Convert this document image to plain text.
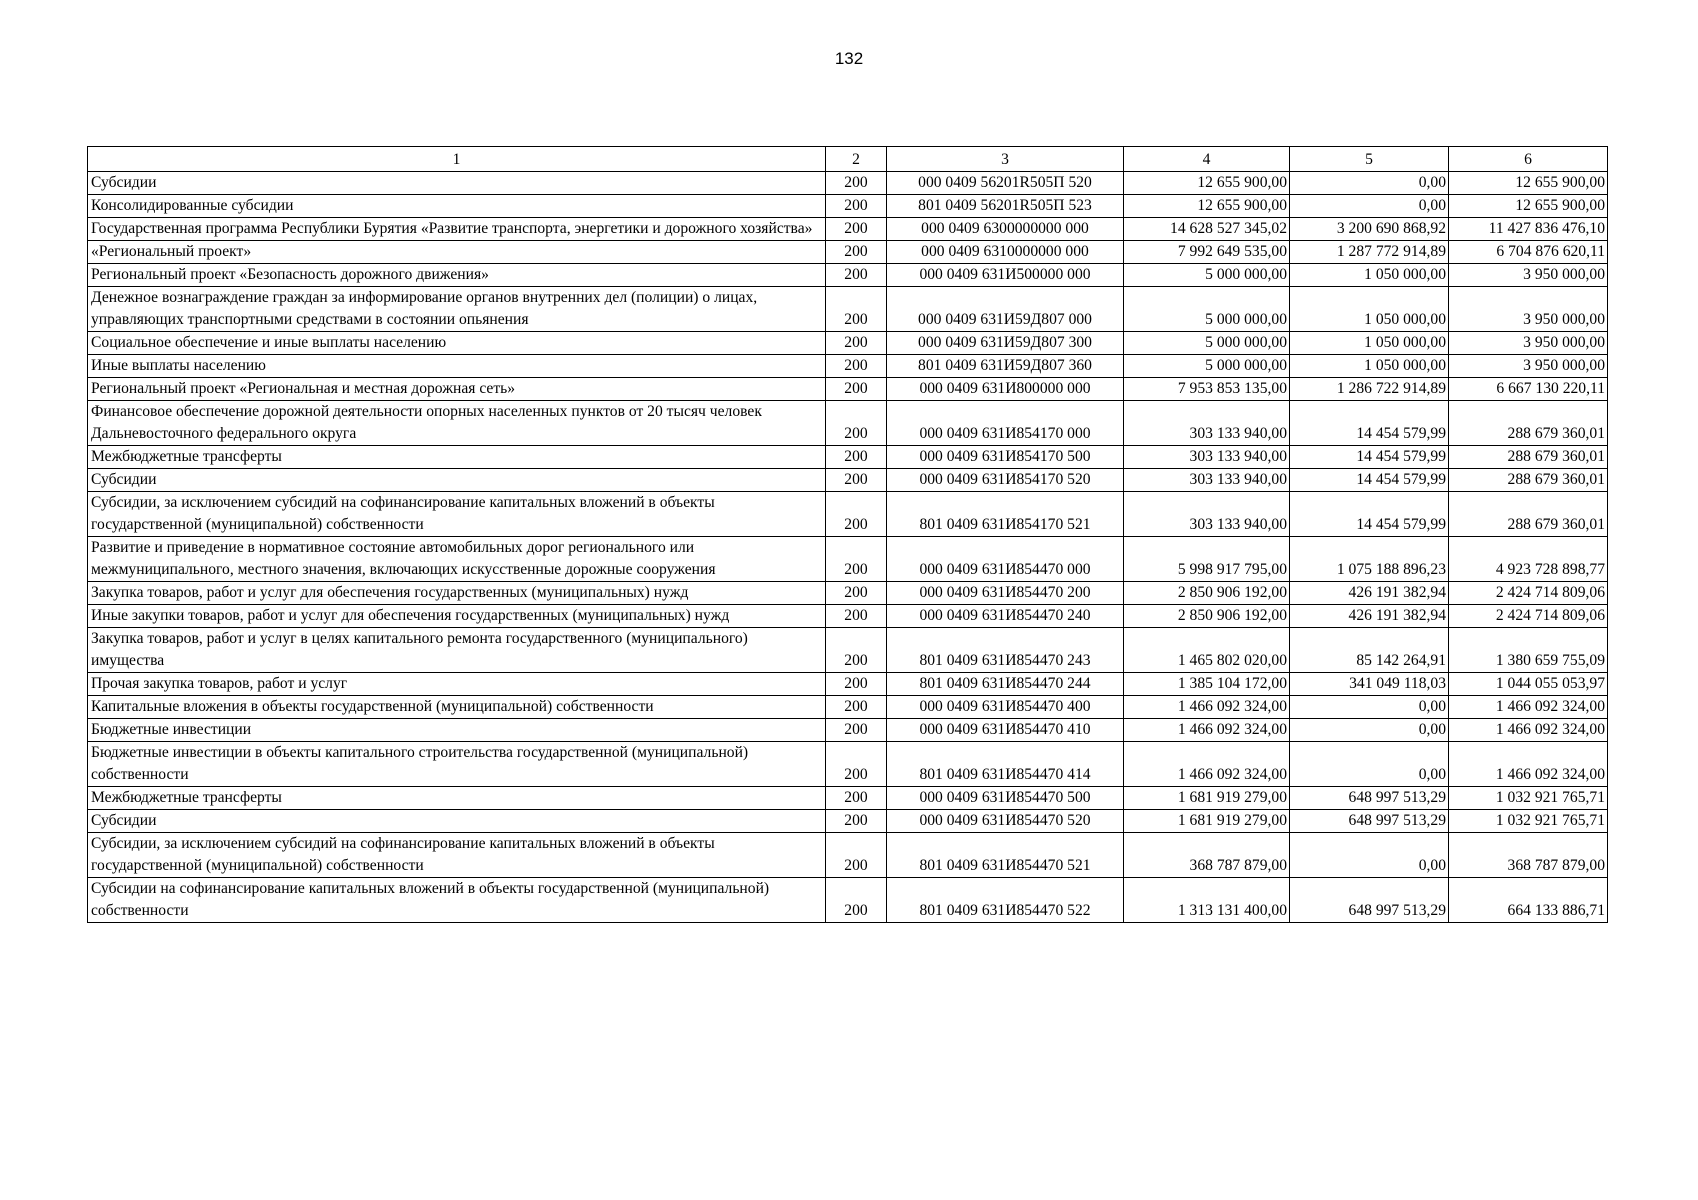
132
1	2	3	4	5	6
Субсидии	200	000 0409 56201R505П 520	12 655 900,00	0,00	12 655 900,00
Консолидированные субсидии	200	801 0409 56201R505П 523	12 655 900,00	0,00	12 655 900,00
Государственная программа Республики Бурятия «Развитие транспорта, энергетики и дорожного хозяйства»	200	000 0409 6300000000 000	14 628 527 345,02	3 200 690 868,92	11 427 836 476,10
«Региональный проект»	200	000 0409 6310000000 000	7 992 649 535,00	1 287 772 914,89	6 704 876 620,11
Региональный проект «Безопасность дорожного движения»	200	000 0409 631И500000 000	5 000 000,00	1 050 000,00	3 950 000,00
Денежное вознаграждение граждан за информирование органов внутренних дел (полиции) о лицах, управляющих транспортными средствами в состоянии опьянения	200	000 0409 631И59Д807 000	5 000 000,00	1 050 000,00	3 950 000,00
Социальное обеспечение и иные выплаты населению	200	000 0409 631И59Д807 300	5 000 000,00	1 050 000,00	3 950 000,00
Иные выплаты населению	200	801 0409 631И59Д807 360	5 000 000,00	1 050 000,00	3 950 000,00
Региональный проект «Региональная и местная дорожная сеть»	200	000 0409 631И800000 000	7 953 853 135,00	1 286 722 914,89	6 667 130 220,11
Финансовое обеспечение дорожной деятельности опорных населенных пунктов от 20 тысяч человек Дальневосточного федерального округа	200	000 0409 631И854170 000	303 133 940,00	14 454 579,99	288 679 360,01
Межбюджетные трансферты	200	000 0409 631И854170 500	303 133 940,00	14 454 579,99	288 679 360,01
Субсидии	200	000 0409 631И854170 520	303 133 940,00	14 454 579,99	288 679 360,01
Субсидии, за исключением субсидий на софинансирование капитальных вложений в объекты государственной (муниципальной) собственности	200	801 0409 631И854170 521	303 133 940,00	14 454 579,99	288 679 360,01
Развитие и приведение в нормативное состояние автомобильных дорог регионального или межмуниципального, местного значения, включающих искусственные дорожные сооружения	200	000 0409 631И854470 000	5 998 917 795,00	1 075 188 896,23	4 923 728 898,77
Закупка товаров, работ и услуг для обеспечения государственных (муниципальных) нужд	200	000 0409 631И854470 200	2 850 906 192,00	426 191 382,94	2 424 714 809,06
Иные закупки товаров, работ и услуг для обеспечения государственных (муниципальных) нужд	200	000 0409 631И854470 240	2 850 906 192,00	426 191 382,94	2 424 714 809,06
Закупка товаров, работ и услуг в целях капитального ремонта государственного (муниципального) имущества	200	801 0409 631И854470 243	1 465 802 020,00	85 142 264,91	1 380 659 755,09
Прочая закупка товаров, работ и услуг	200	801 0409 631И854470 244	1 385 104 172,00	341 049 118,03	1 044 055 053,97
Капитальные вложения в объекты государственной (муниципальной) собственности	200	000 0409 631И854470 400	1 466 092 324,00	0,00	1 466 092 324,00
Бюджетные инвестиции	200	000 0409 631И854470 410	1 466 092 324,00	0,00	1 466 092 324,00
Бюджетные инвестиции в объекты капитального строительства государственной (муниципальной) собственности	200	801 0409 631И854470 414	1 466 092 324,00	0,00	1 466 092 324,00
Межбюджетные трансферты	200	000 0409 631И854470 500	1 681 919 279,00	648 997 513,29	1 032 921 765,71
Субсидии	200	000 0409 631И854470 520	1 681 919 279,00	648 997 513,29	1 032 921 765,71
Субсидии, за исключением субсидий на софинансирование капитальных вложений в объекты государственной (муниципальной) собственности	200	801 0409 631И854470 521	368 787 879,00	0,00	368 787 879,00
Субсидии на софинансирование капитальных вложений в объекты государственной (муниципальной) собственности	200	801 0409 631И854470 522	1 313 131 400,00	648 997 513,29	664 133 886,71
